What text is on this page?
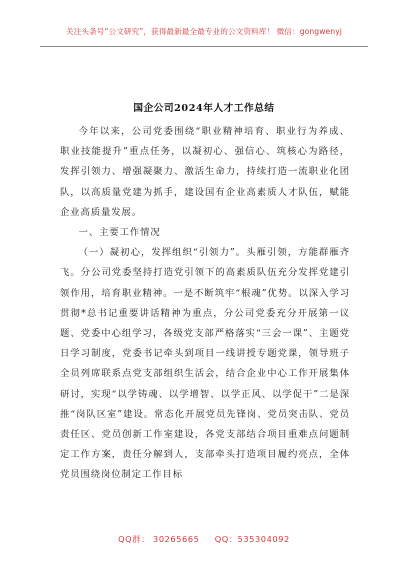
关注头条号“公文研究”，获得最新最全最专业的公文资料库！ 微信：gongwenyj
国企公司2024年人才工作总结

今年以来，公司党委围绕“职业精神培育、职业行为养成、职业技能提升”重点任务，以凝初心、强信心、筑核心为路径，发挥引领力、增强凝聚力、激活生命力，持续打造一流职业化团队，以高质量党建为抓手，建设国有企业高素质人才队伍，赋能企业高质量发展。

一、主要工作情况

（一）凝初心，发挥组织“引领力”。头雁引领，方能群雁齐飞。分公司党委坚持打造党引领下的高素质队伍充分发挥党建引领作用，培育职业精神。一是不断筑牢“根魂”优势。以深入学习贯彻*总书记重要讲话精神为重点，分公司党委充分开展第一议题、党委中心组学习，各级党支部严格落实“三会一课”、主题党日学习制度，党委书记牵头到项目一线讲授专题党课，领导班子全员列席联系点党支部组织生活会，结合企业中心工作开展集体研讨，实现“以学铸魂、以学增智、以学正风、以学促干”二是深推“岗队区室”建设。常态化开展党员先锋岗、党员突击队、党员责任区、党员创新工作室建设，各党支部结合项目重难点问题制定工作方案，责任分解到人，支部牵头打造项目履约亮点，全体党员围绕岗位制定工作目标

QQ群： 30265665 QQ：535304092
